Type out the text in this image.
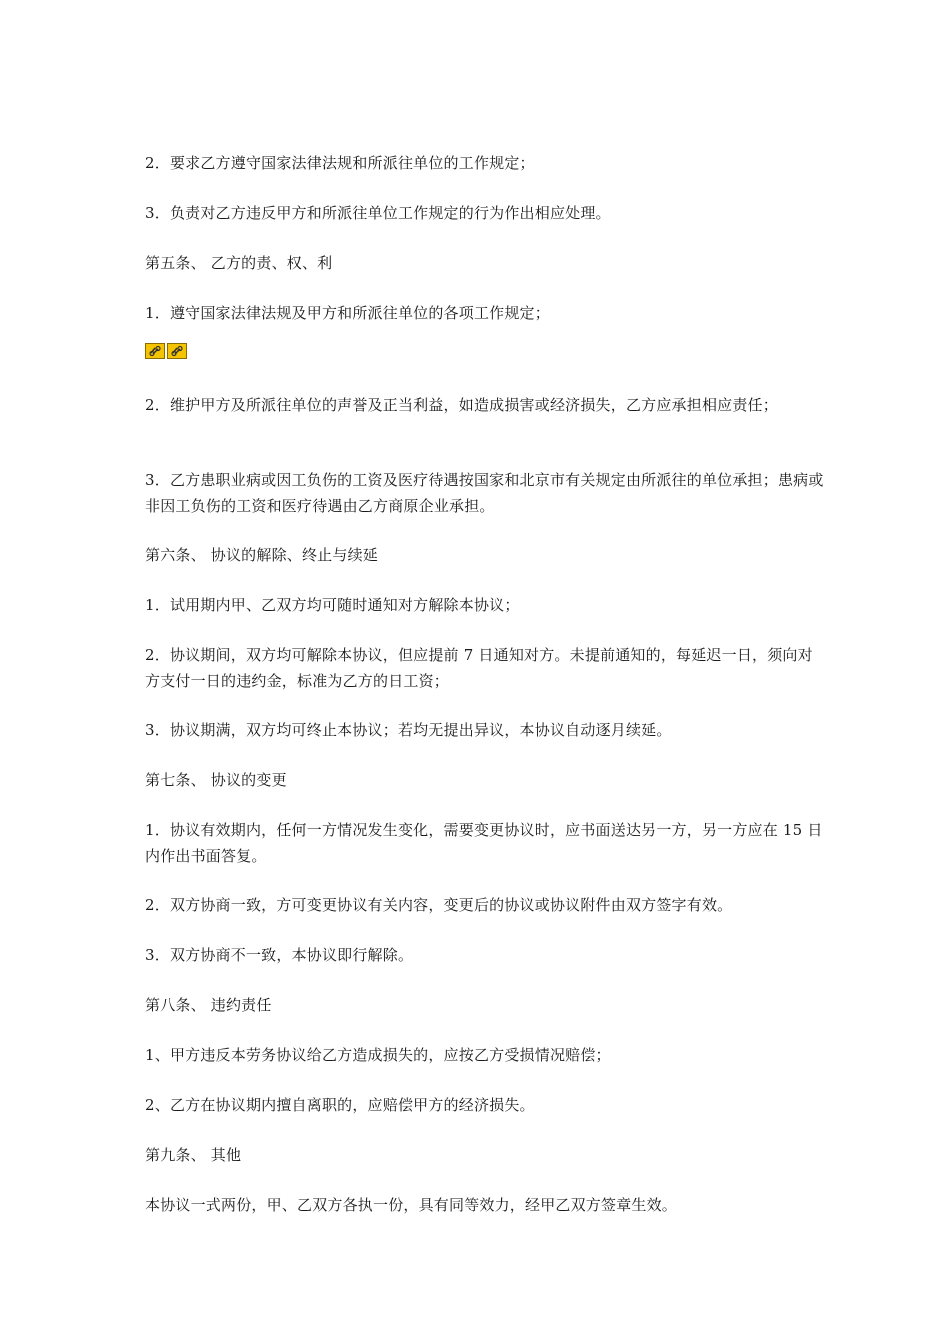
2．要求乙方遵守国家法律法规和所派往单位的工作规定；
3．负责对乙方违反甲方和所派往单位工作规定的行为作出相应处理。
第五条、 乙方的责、权、利
1．遵守国家法律法规及甲方和所派往单位的各项工作规定；
2．维护甲方及所派往单位的声誉及正当利益，如造成损害或经济损失，乙方应承担相应责任；
3．乙方患职业病或因工负伤的工资及医疗待遇按国家和北京市有关规定由所派往的单位承担；患病或非因工负伤的工资和医疗待遇由乙方商原企业承担。
第六条、 协议的解除、终止与续延
1．试用期内甲、乙双方均可随时通知对方解除本协议；
2．协议期间，双方均可解除本协议，但应提前 7 日通知对方。未提前通知的，每延迟一日，须向对方支付一日的违约金，标准为乙方的日工资；
3．协议期满，双方均可终止本协议；若均无提出异议，本协议自动逐月续延。
第七条、 协议的变更
1．协议有效期内，任何一方情况发生变化，需要变更协议时，应书面送达另一方，另一方应在 15 日内作出书面答复。
2．双方协商一致，方可变更协议有关内容，变更后的协议或协议附件由双方签字有效。
3．双方协商不一致，本协议即行解除。
第八条、 违约责任
1、甲方违反本劳务协议给乙方造成损失的，应按乙方受损情况赔偿；
2、乙方在协议期内擅自离职的，应赔偿甲方的经济损失。
第九条、 其他
本协议一式两份，甲、乙双方各执一份，具有同等效力，经甲乙双方签章生效。
